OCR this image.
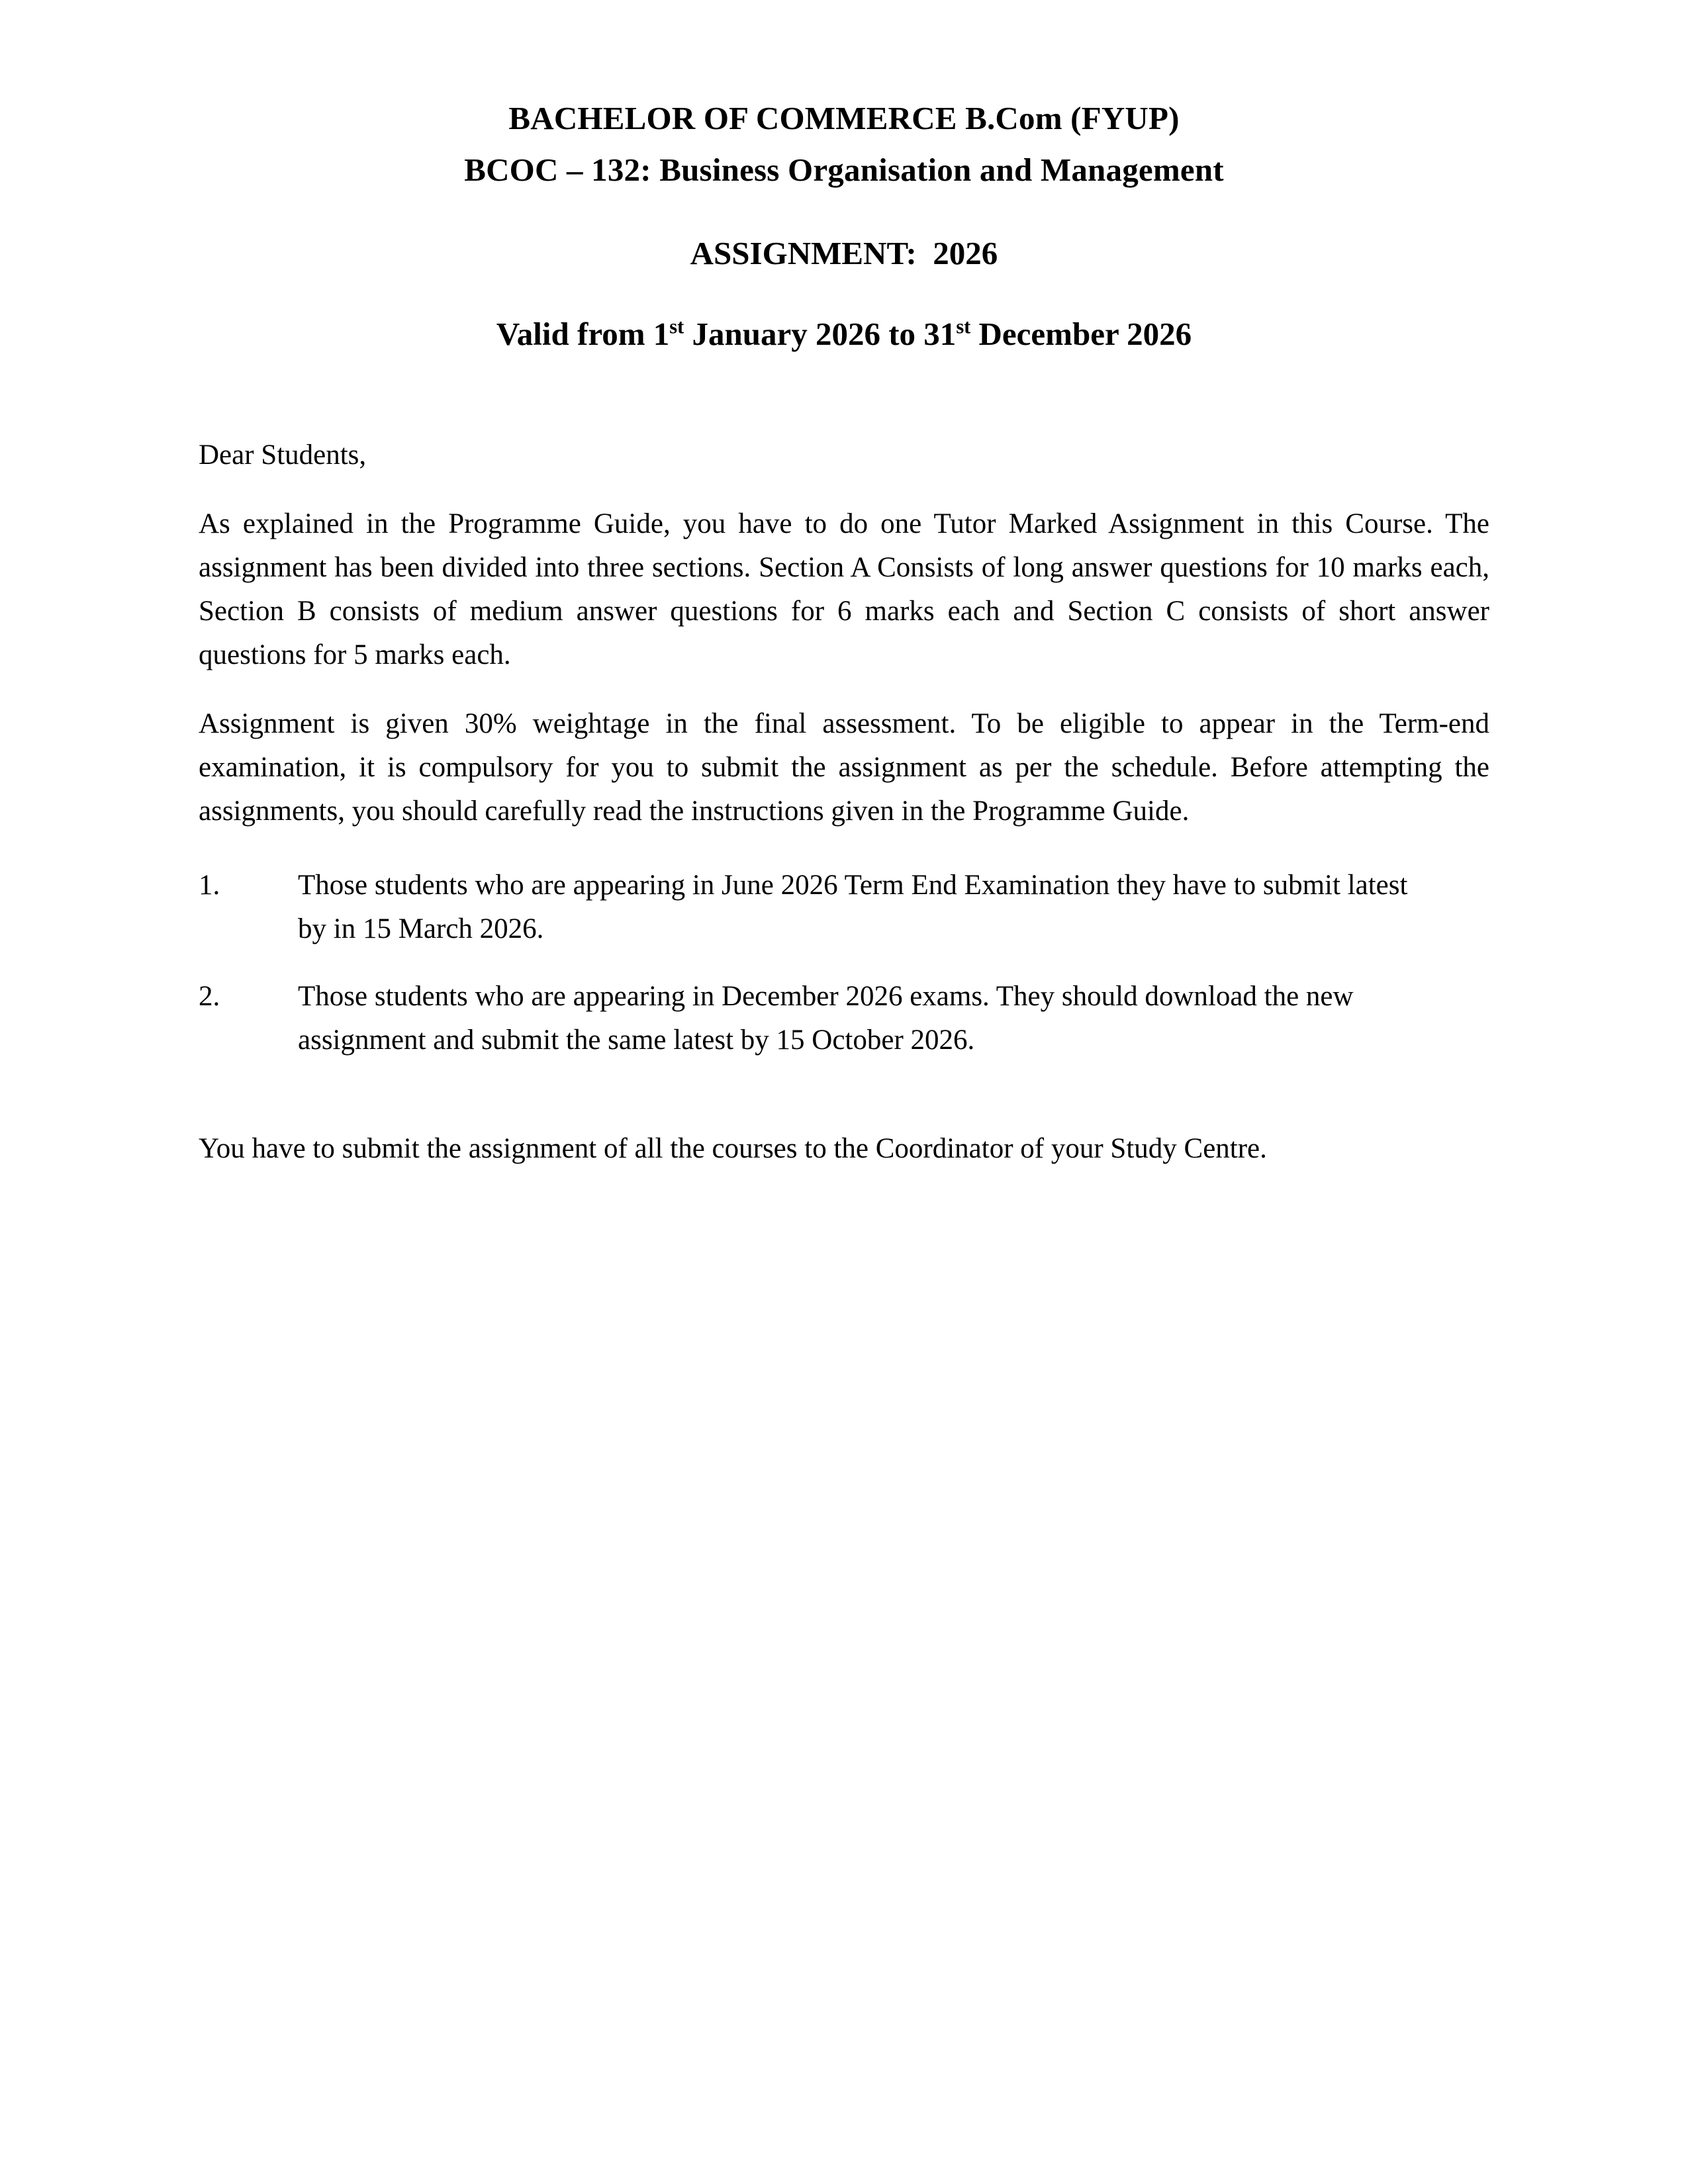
BACHELOR OF COMMERCE B.Com (FYUP)
BCOC – 132: Business Organisation and Management
ASSIGNMENT:  2026
Valid from 1st January 2026 to 31st December 2026

Dear Students,

As explained in the Programme Guide, you have to do one Tutor Marked Assignment in this Course. The assignment has been divided into three sections. Section A Consists of long answer questions for 10 marks each, Section B consists of medium answer questions for 6 marks each and Section C consists of short answer questions for 5 marks each.

Assignment is given 30% weightage in the final assessment. To be eligible to appear in the Term-end examination, it is compulsory for you to submit the assignment as per the schedule. Before attempting the assignments, you should carefully read the instructions given in the Programme Guide.

1.	Those students who are appearing in June 2026 Term End Examination they have to submit latest by in 15 March 2026.
2.	Those students who are appearing in December 2026 exams. They should download the new assignment and submit the same latest by 15 October 2026.

You have to submit the assignment of all the courses to the Coordinator of your Study Centre.
